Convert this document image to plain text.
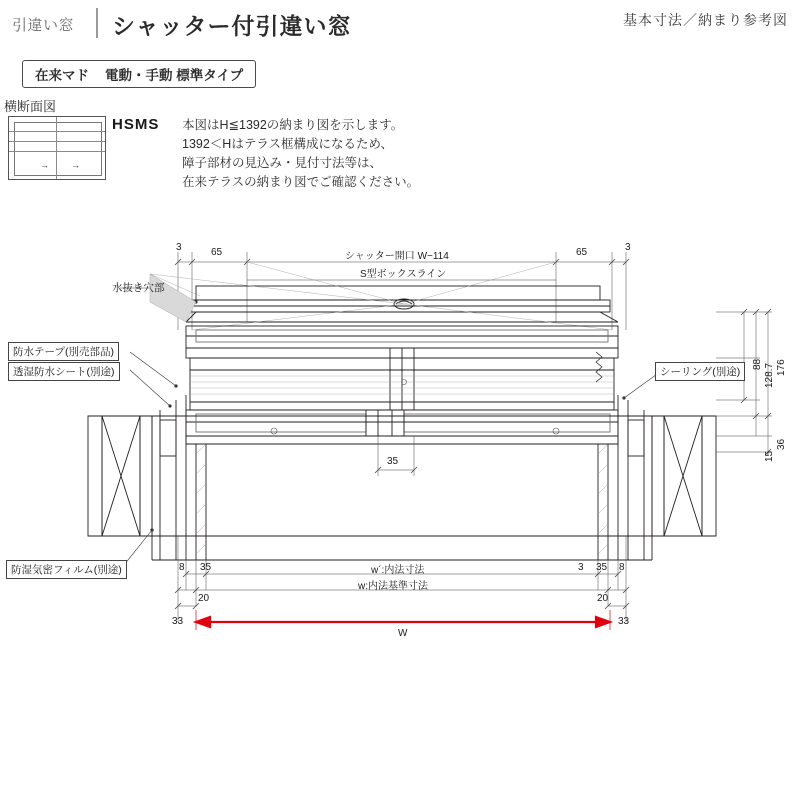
引違い窓 シャッター付引違い窓	基本寸法／納まり参考図
在来マド 電動・手動 標準タイプ
横断面図
→ →
HSMS 本図はH≦1392の納まり図を示します。
1392＜Hはテラス框構成になるため、
障子部材の見込み・見付寸法等は、
在来テラスの納まり図でご確認ください。
3	65	シャッター開口 W−114
S型ボックスライン
65	3
176
128.7
88
36
15
35
8 35	w´:内法寸法	3 35 8
w:内法基準寸法
20	20
33
W
33
水抜き穴部
防水テープ(別売部品)
透湿防水シート(別途)
防湿気密フィルム(別途)
シーリング(別途)
